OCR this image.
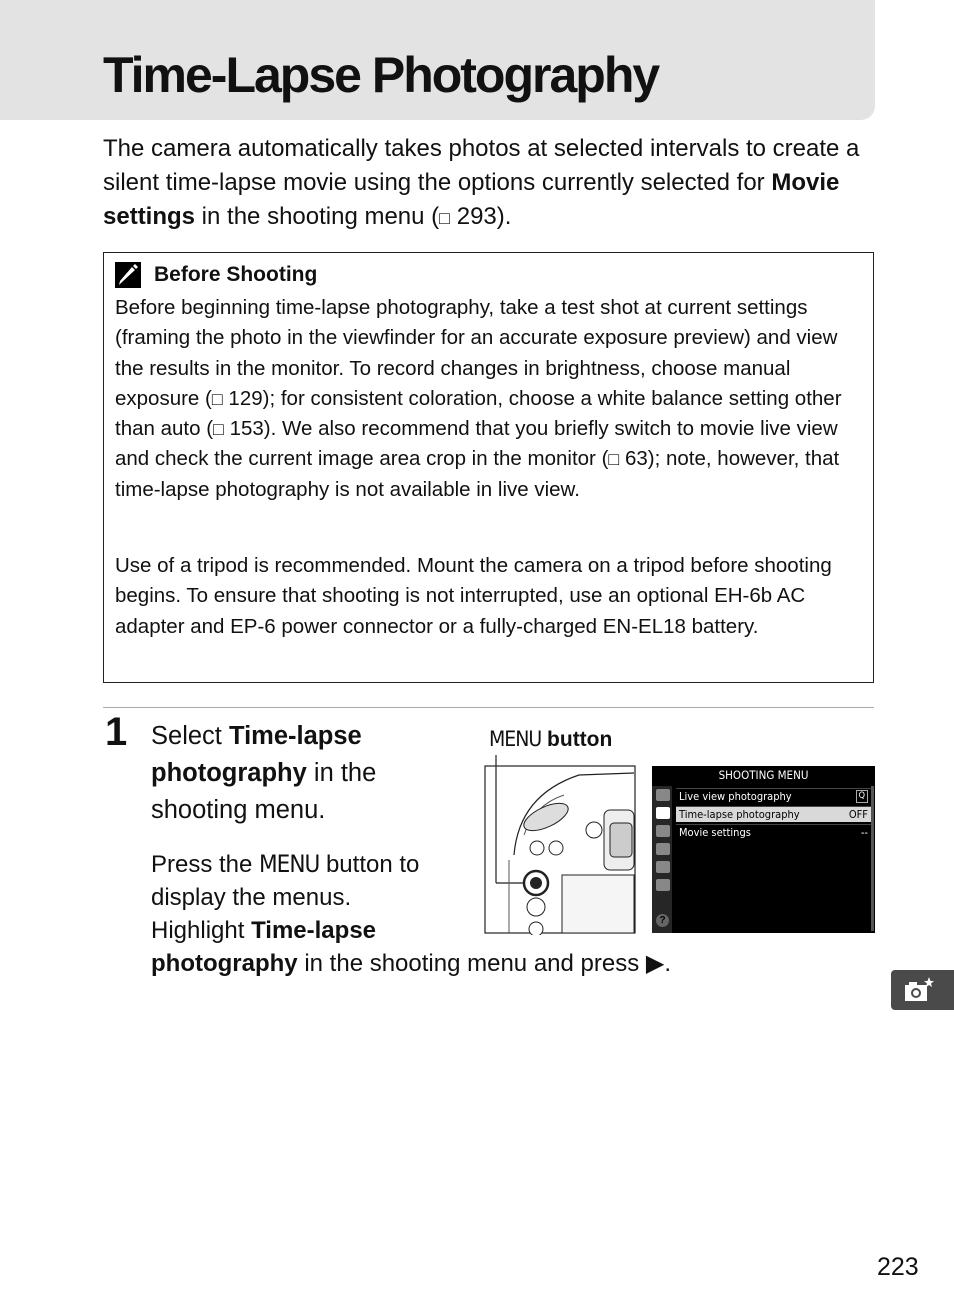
Time-Lapse Photography

The camera automatically takes photos at selected intervals to create a silent time-lapse movie using the options currently selected for Movie settings in the shooting menu (□ 293).

Before Shooting

Before beginning time-lapse photography, take a test shot at current settings (framing the photo in the viewfinder for an accurate exposure preview) and view the results in the monitor. To record changes in brightness, choose manual exposure (□ 129); for consistent coloration, choose a white balance setting other than auto (□ 153). We also recommend that you briefly switch to movie live view and check the current image area crop in the monitor (□ 63); note, however, that time-lapse photography is not available in live view.

Use of a tripod is recommended. Mount the camera on a tripod before shooting begins. To ensure that shooting is not interrupted, use an optional EH-6b AC adapter and EP-6 power connector or a fully-charged EN-EL18 battery.

1 Select Time-lapse photography in the shooting menu.

Press the MENU button to
display the menus.
Highlight Time-lapse
photography in the shooting menu and press ▶.

MENU button
SHOOTING MENU
?
Live view photography	Q
Time-lapse photography	OFF
Movie settings	--
223
